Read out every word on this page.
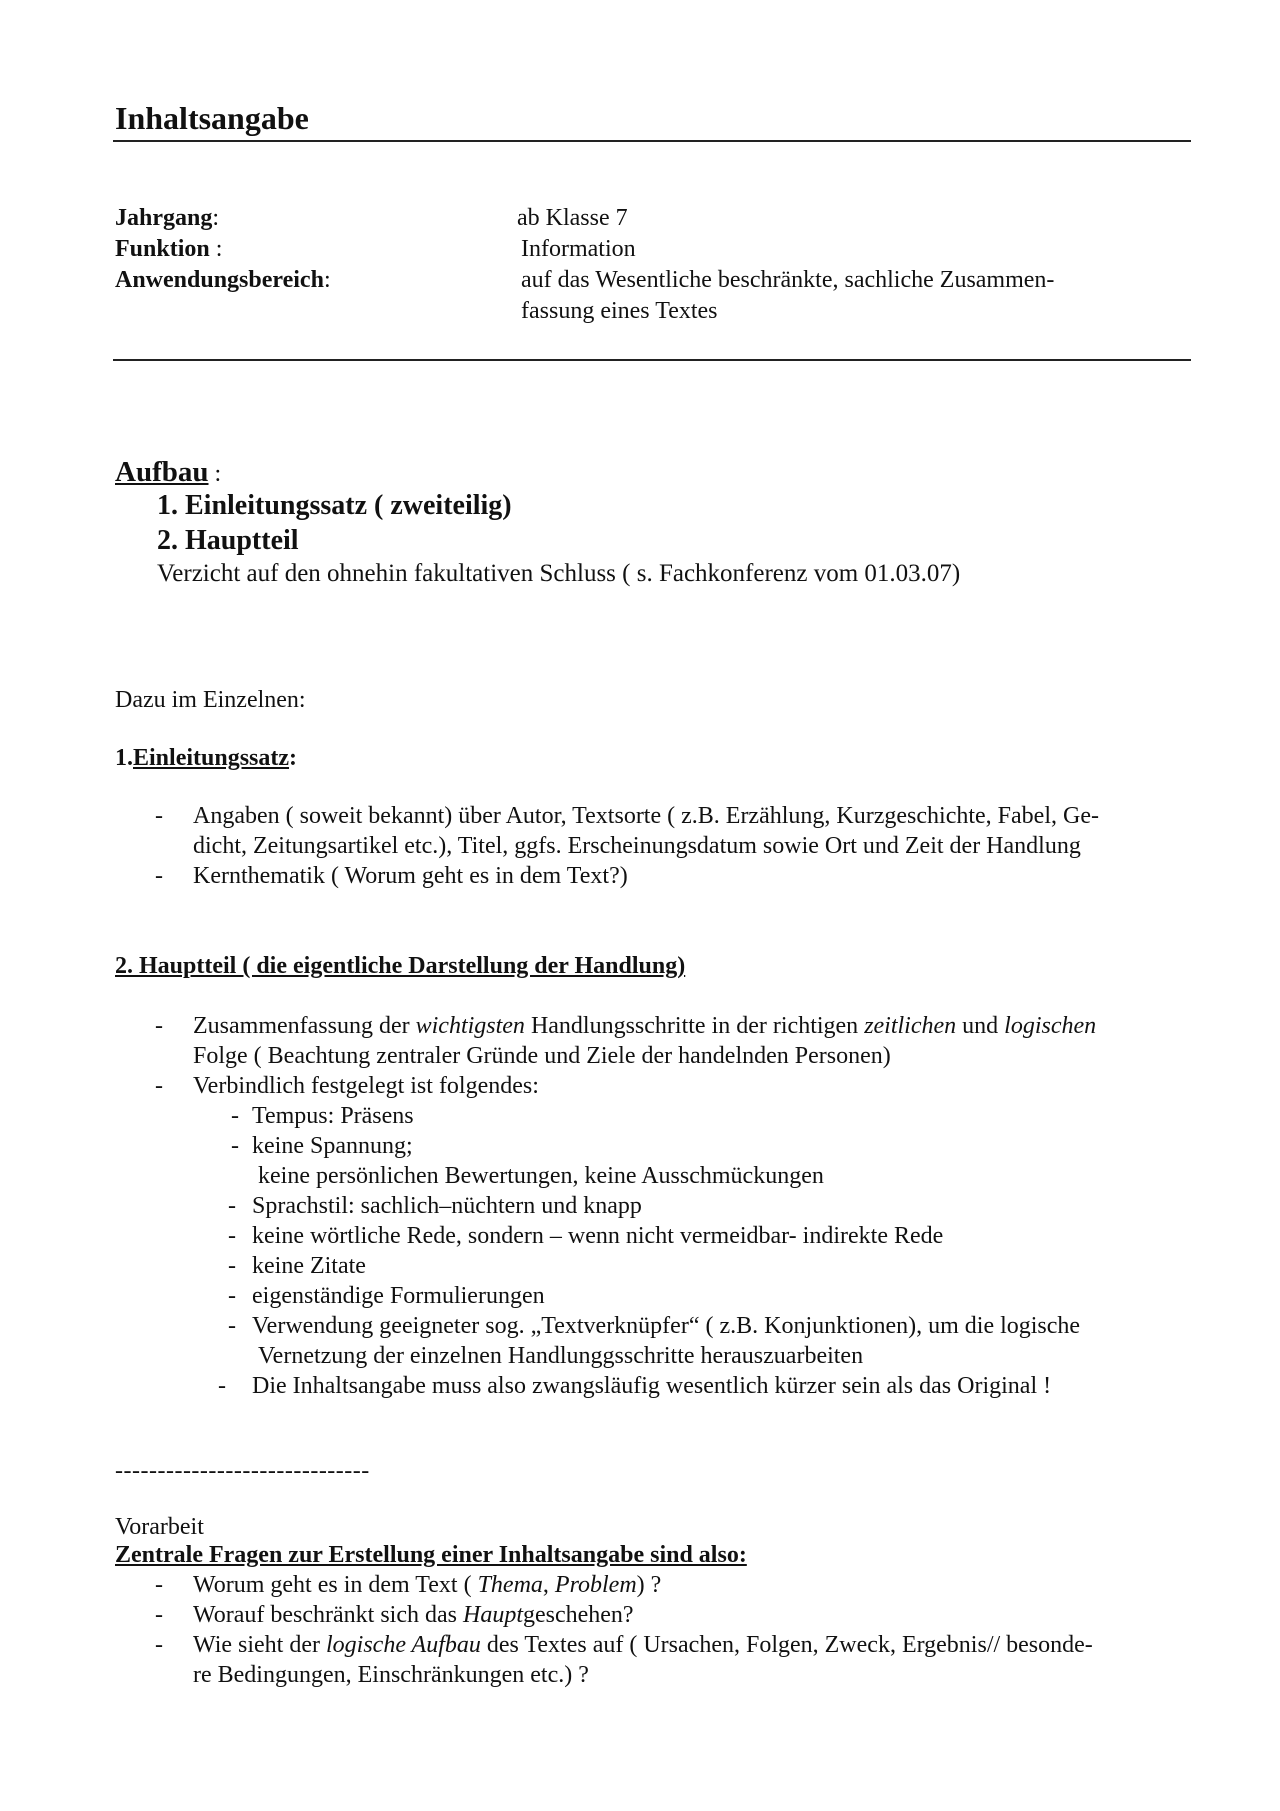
Inhaltsangabe
Jahrgang:	ab Klasse 7
Funktion :	Information
Anwendungsbereich:	auf das Wesentliche beschränkte, sachliche Zusammen-
fassung eines Textes
Aufbau :
1. Einleitungssatz ( zweiteilig)
2. Hauptteil
Verzicht auf den ohnehin fakultativen Schluss ( s. Fachkonferenz vom 01.03.07)
Dazu im Einzelnen:
1.Einleitungssatz:
- Angaben ( soweit bekannt) über Autor, Textsorte ( z.B. Erzählung, Kurzgeschichte, Fabel, Ge-
dicht, Zeitungsartikel etc.), Titel, ggfs. Erscheinungsdatum sowie Ort und Zeit der Handlung
- Kernthematik ( Worum geht es in dem Text?)
2. Hauptteil ( die eigentliche Darstellung der Handlung)
- Zusammenfassung der wichtigsten Handlungsschritte in der richtigen zeitlichen und logischen
Folge ( Beachtung zentraler Gründe und Ziele der handelnden Personen)
- Verbindlich festgelegt ist folgendes:
- Tempus: Präsens
- keine Spannung;
keine persönlichen Bewertungen, keine Ausschmückungen
- Sprachstil: sachlich–nüchtern und knapp
- keine wörtliche Rede, sondern – wenn nicht vermeidbar- indirekte Rede
- keine Zitate
- eigenständige Formulierungen
- Verwendung geeigneter sog. „Textverknüpfer“ ( z.B. Konjunktionen), um die logische
Vernetzung der einzelnen Handlunggsschritte herauszuarbeiten
- Die Inhaltsangabe muss also zwangsläufig wesentlich kürzer sein als das Original !
------------------------------
Vorarbeit
Zentrale Fragen zur Erstellung einer Inhaltsangabe sind also:
- Worum geht es in dem Text ( Thema, Problem) ?
- Worauf beschränkt sich das Hauptgeschehen?
- Wie sieht der logische Aufbau des Textes auf ( Ursachen, Folgen, Zweck, Ergebnis// besonde-
re Bedingungen, Einschränkungen etc.) ?
